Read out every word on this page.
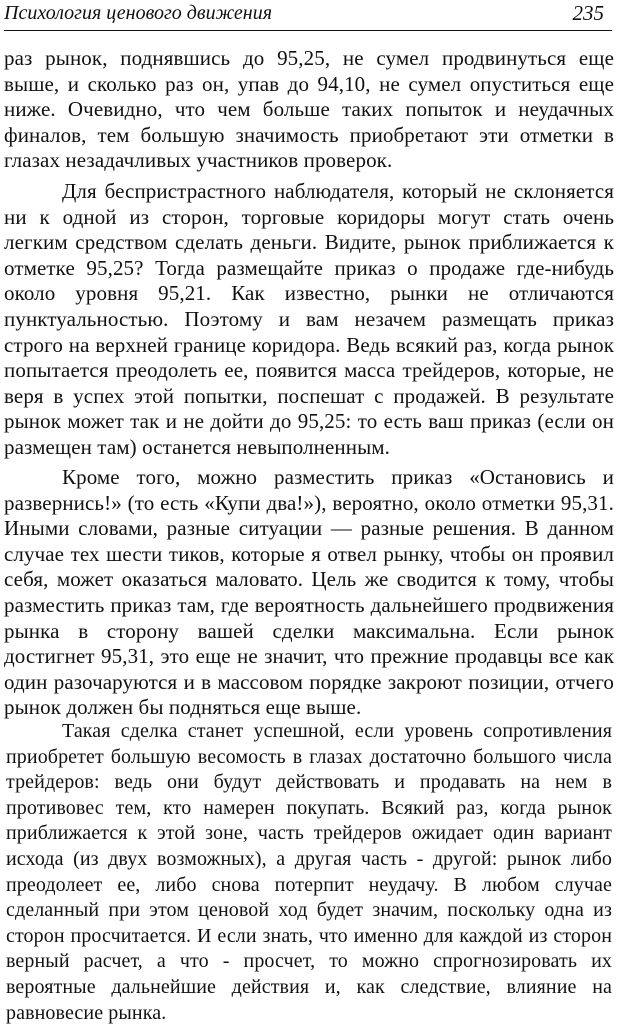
Психология ценового движения	235

раз рынок, поднявшись до 95,25, не сумел продвинуться еще выше, и сколько раз он, упав до 94,10, не сумел опуститься еще ниже. Очевидно, что чем больше таких попыток и неудачных финалов, тем большую значимость приобретают эти отметки в глазах незадачливых участников проверок.

Для беспристрастного наблюдателя, который не склоняется ни к одной из сторон, торговые коридоры могут стать очень легким средством сделать деньги. Видите, рынок приближается к отметке 95,25? Тогда размещайте приказ о продаже где-нибудь около уровня 95,21. Как известно, рынки не отличаются пунктуальностью. Поэтому и вам незачем размещать приказ строго на верхней границе коридора. Ведь всякий раз, когда рынок попытается преодолеть ее, появится масса трейдеров, которые, не веря в успех этой попытки, поспешат с продажей. В результате рынок может так и не дойти до 95,25: то есть ваш приказ (если он размещен там) останется невыполненным.

Кроме того, можно разместить приказ «Остановись и развернись!» (то есть «Купи два!»), вероятно, около отметки 95,31. Иными словами, разные ситуации — разные решения. В данном случае тех шести тиков, которые я отвел рынку, чтобы он проявил себя, может оказаться маловато. Цель же сводится к тому, чтобы разместить приказ там, где вероятность дальнейшего продвижения рынка в сторону вашей сделки максимальна. Если рынок достигнет 95,31, это еще не значит, что прежние продавцы все как один разочаруются и в массовом порядке закроют позиции, отчего рынок должен бы подняться еще выше.

Такая сделка станет успешной, если уровень сопротивления приобретет большую весомость в глазах достаточно большого числа трейдеров: ведь они будут действовать и продавать на нем в противовес тем, кто намерен покупать. Всякий раз, когда рынок приближается к этой зоне, часть трейдеров ожидает один вариант исхода (из двух возможных), а другая часть - другой: рынок либо преодолеет ее, либо снова потерпит неудачу. В любом случае сделанный при этом ценовой ход будет значим, поскольку одна из сторон просчитается. И если знать, что именно для каждой из сторон верный расчет, а что - просчет, то можно спрогнозировать их вероятные дальнейшие действия и, как следствие, влияние на равновесие рынка.
